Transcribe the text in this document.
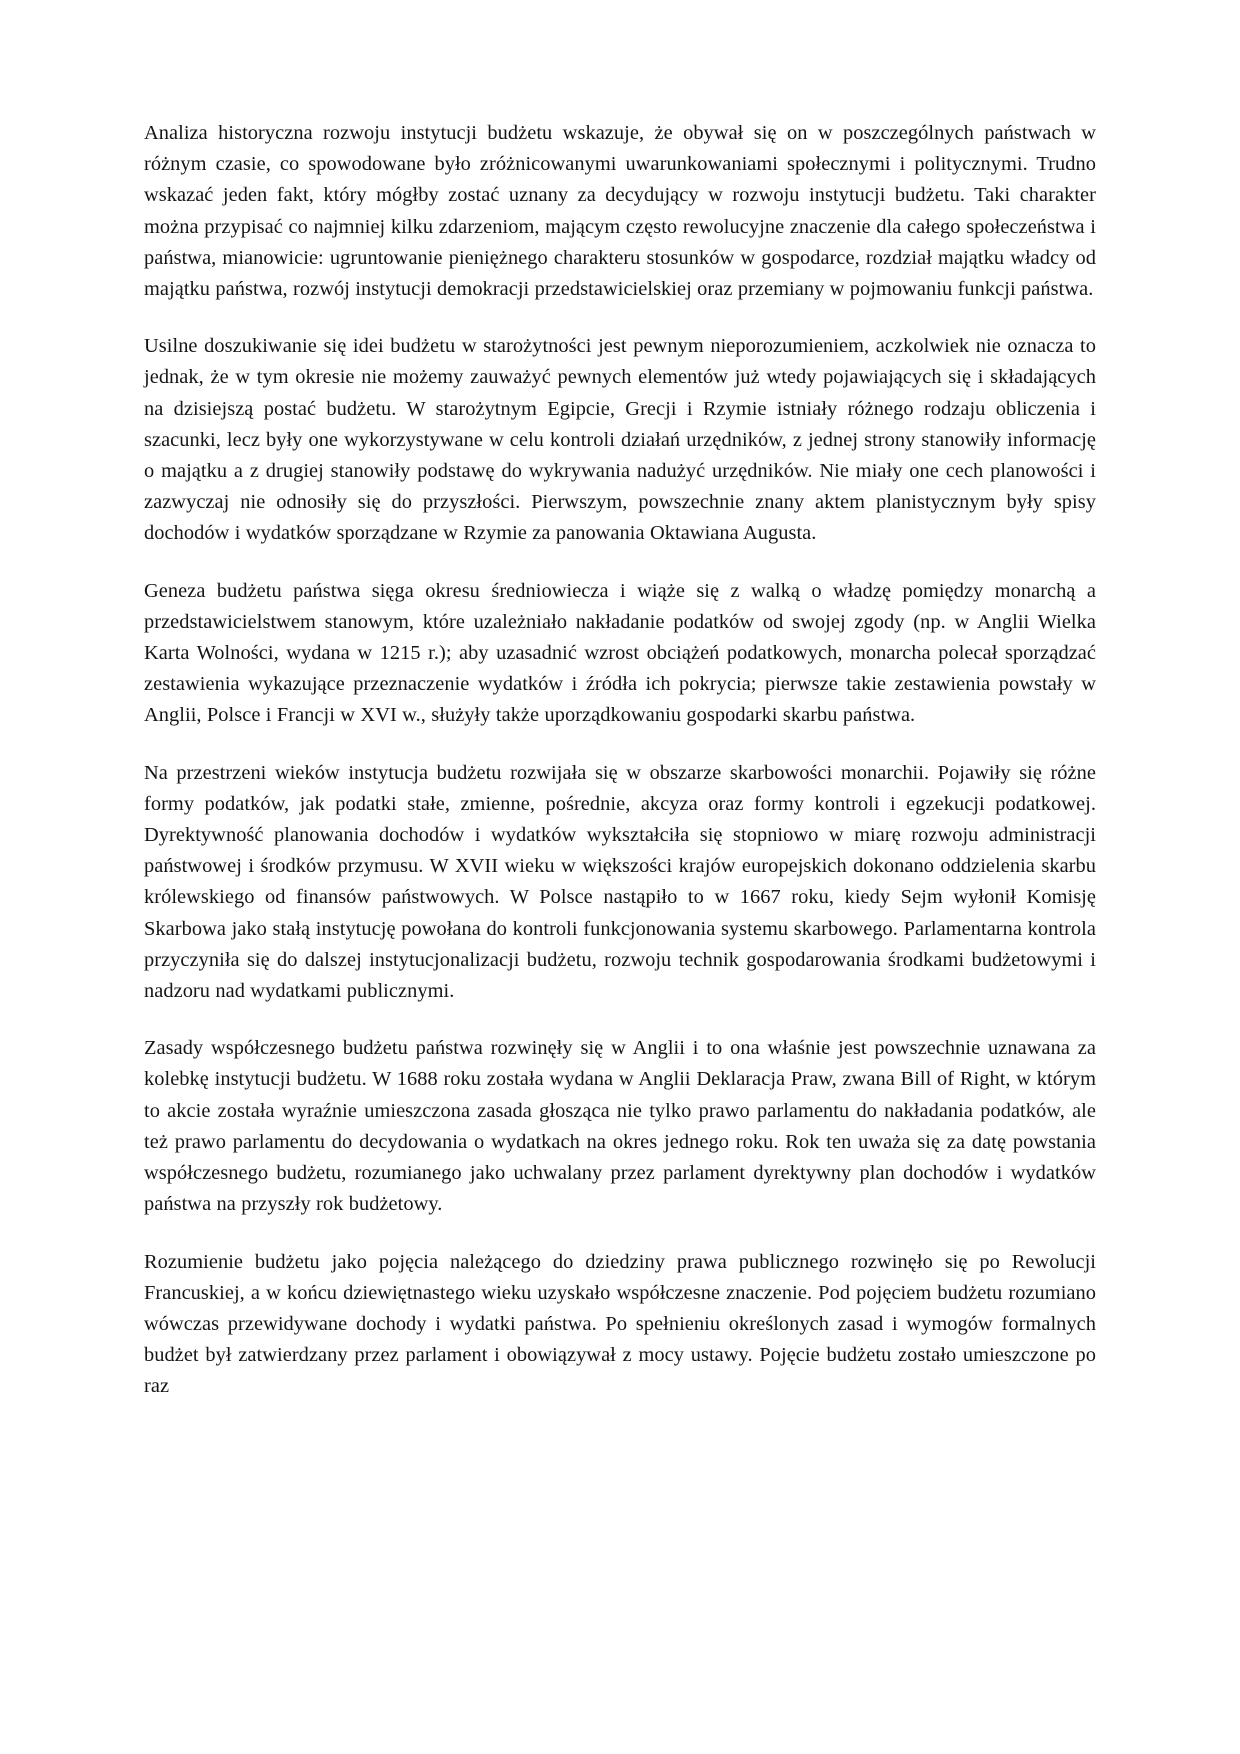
Analiza historyczna rozwoju instytucji budżetu wskazuje, że obywał się on w poszczególnych państwach w różnym czasie, co spowodowane było zróżnicowanymi uwarunkowaniami społecznymi i politycznymi. Trudno wskazać jeden fakt, który mógłby zostać uznany za decydujący w rozwoju instytucji budżetu. Taki charakter można przypisać co najmniej kilku zdarzeniom, mającym często rewolucyjne znaczenie dla całego społeczeństwa i państwa, mianowicie: ugruntowanie pieniężnego charakteru stosunków w gospodarce, rozdział majątku władcy od majątku państwa, rozwój instytucji demokracji przedstawicielskiej oraz przemiany w pojmowaniu funkcji państwa.

Usilne doszukiwanie się idei budżetu w starożytności jest pewnym nieporozumieniem, aczkolwiek nie oznacza to jednak, że w tym okresie nie możemy zauważyć pewnych elementów już wtedy pojawiających się i składających na dzisiejszą postać budżetu. W starożytnym Egipcie, Grecji i Rzymie istniały różnego rodzaju obliczenia i szacunki, lecz były one wykorzystywane w celu kontroli działań urzędników, z jednej strony stanowiły informację o majątku a z drugiej stanowiły podstawę do wykrywania nadużyć urzędników. Nie miały one cech planowości i zazwyczaj nie odnosiły się do przyszłości. Pierwszym, powszechnie znany aktem planistycznym były spisy dochodów i wydatków sporządzane w Rzymie za panowania Oktawiana Augusta.

Geneza budżetu państwa sięga okresu średniowiecza i wiąże się z walką o władzę pomiędzy monarchą a przedstawicielstwem stanowym, które uzależniało nakładanie podatków od swojej zgody (np. w Anglii Wielka Karta Wolności, wydana w 1215 r.); aby uzasadnić wzrost obciążeń podatkowych, monarcha polecał sporządzać zestawienia wykazujące przeznaczenie wydatków i źródła ich pokrycia; pierwsze takie zestawienia powstały w Anglii, Polsce i Francji w XVI w., służyły także uporządkowaniu gospodarki skarbu państwa.

Na przestrzeni wieków instytucja budżetu rozwijała się w obszarze skarbowości monarchii. Pojawiły się różne formy podatków, jak podatki stałe, zmienne, pośrednie, akcyza oraz formy kontroli i egzekucji podatkowej. Dyrektywność planowania dochodów i wydatków wykształciła się stopniowo w miarę rozwoju administracji państwowej i środków przymusu. W XVII wieku w większości krajów europejskich dokonano oddzielenia skarbu królewskiego od finansów państwowych. W Polsce nastąpiło to w 1667 roku, kiedy Sejm wyłonił Komisję Skarbowa jako stałą instytucję powołana do kontroli funkcjonowania systemu skarbowego. Parlamentarna kontrola przyczyniła się do dalszej instytucjonalizacji budżetu, rozwoju technik gospodarowania środkami budżetowymi i nadzoru nad wydatkami publicznymi.

Zasady współczesnego budżetu państwa rozwinęły się w Anglii i to ona właśnie jest powszechnie uznawana za kolebkę instytucji budżetu. W 1688 roku została wydana w Anglii Deklaracja Praw, zwana Bill of Right, w którym to akcie została wyraźnie umieszczona zasada głosząca nie tylko prawo parlamentu do nakładania podatków, ale też prawo parlamentu do decydowania o wydatkach na okres jednego roku. Rok ten uważa się za datę powstania współczesnego budżetu, rozumianego jako uchwalany przez parlament dyrektywny plan dochodów i wydatków państwa na przyszły rok budżetowy.

Rozumienie budżetu jako pojęcia należącego do dziedziny prawa publicznego rozwinęło się po Rewolucji Francuskiej, a w końcu dziewiętnastego wieku uzyskało współczesne znaczenie. Pod pojęciem budżetu rozumiano wówczas przewidywane dochody i wydatki państwa. Po spełnieniu określonych zasad i wymogów formalnych budżet był zatwierdzany przez parlament i obowiązywał z mocy ustawy. Pojęcie budżetu zostało umieszczone po raz
